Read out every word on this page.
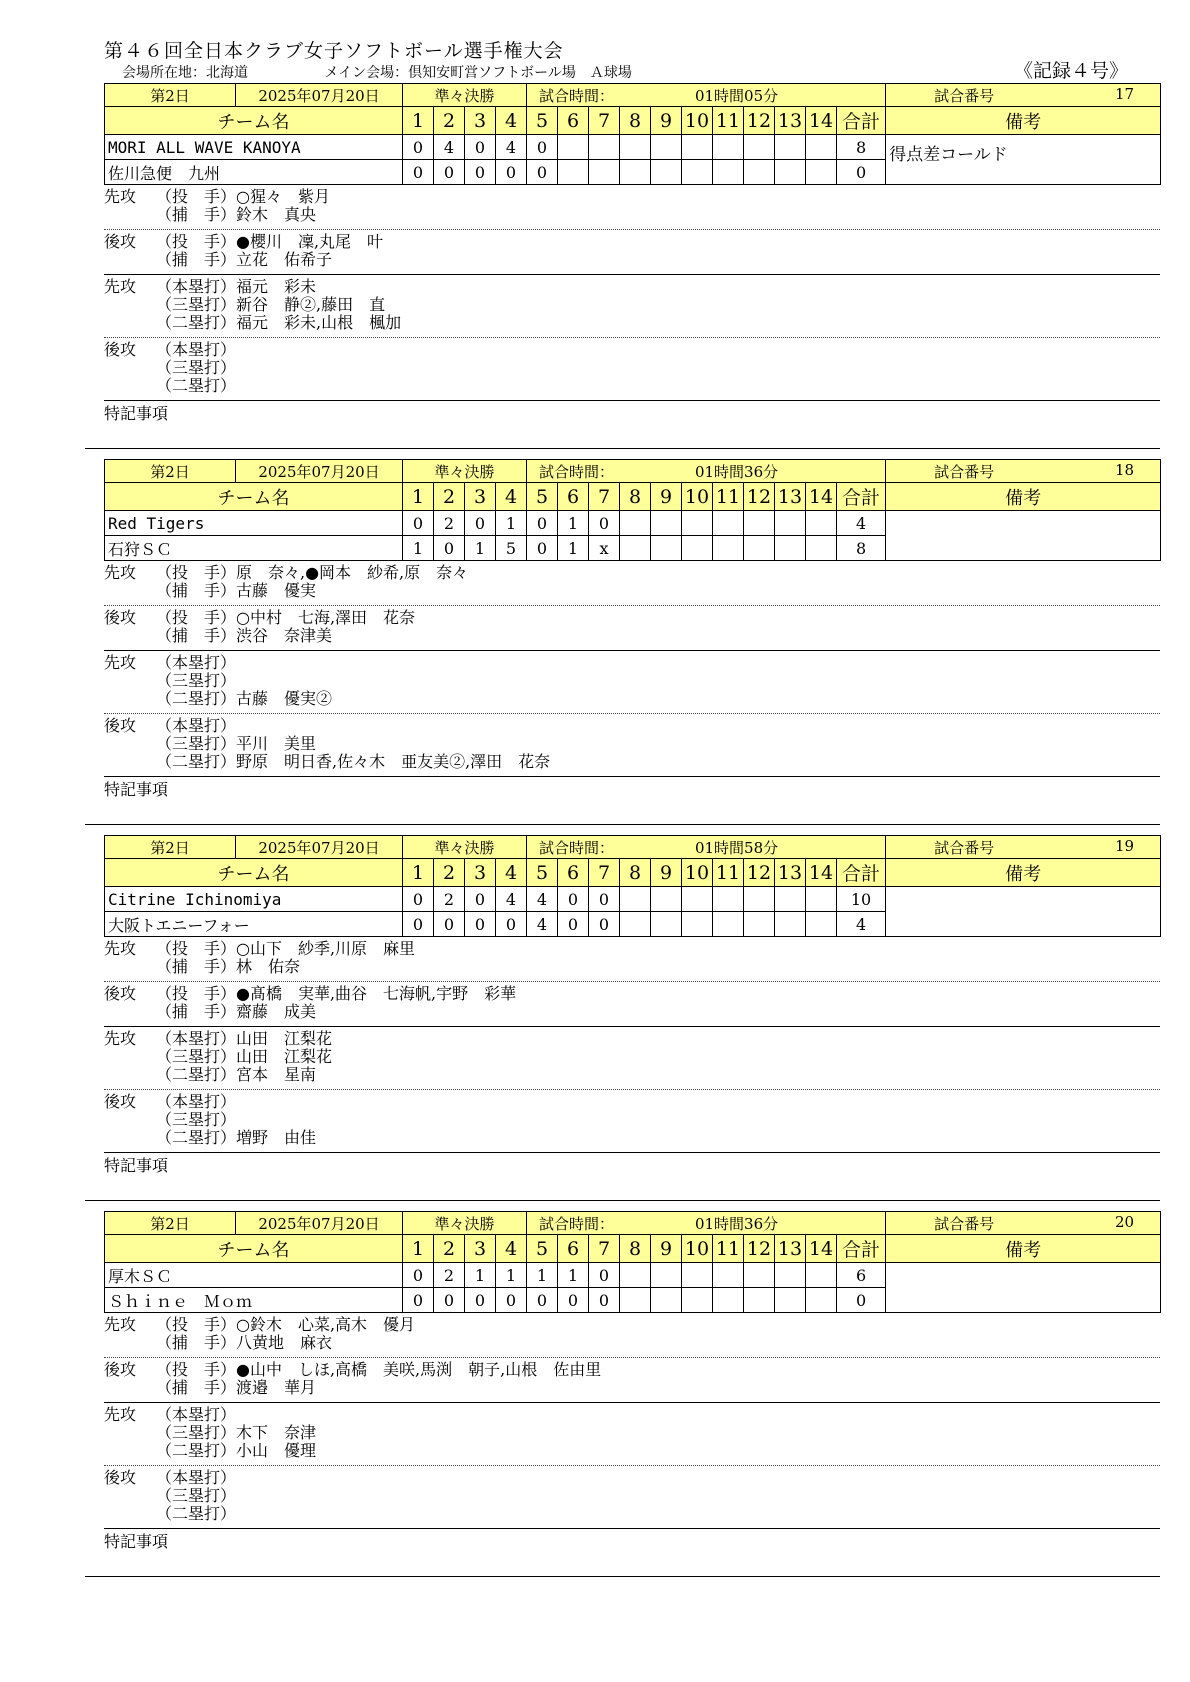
第４６回全日本クラブ女子ソフトボール選手権大会
会場所在地：北海道	メイン会場：倶知安町営ソフトボール場　Ａ球場	《記録４号》
第2日	2025年07月20日	準々決勝				試合時間： 01時間05分											試合番号 17

チーム名		1	2	3	4	5	6	7	8	9	10	11	12	13	14	合計	備考
MORI ALL WAVE KANOYA		0	4	0	4	0										8	得点差コールド
佐川急便　九州		0	0	0	0	0										0	
先攻	（投　手） ○猩々　紫月
（捕　手） 鈴木　真央
後攻	（投　手） ●櫻川　凜,丸尾　叶
（捕　手） 立花　佑希子
先攻	（本塁打） 福元　彩未
（三塁打） 新谷　静②,藤田　直
（二塁打） 福元　彩未,山根　楓加
後攻	（本塁打）
（三塁打）
（二塁打）
特記事項
第2日	2025年07月20日	準々決勝				試合時間： 01時間36分											試合番号 18

チーム名		1	2	3	4	5	6	7	8	9	10	11	12	13	14	合計	備考
Red Tigers		0	2	0	1	0	1	0								4	
石狩ＳＣ		1	0	1	5	0	1	x								8	
先攻	（投　手） 原　奈々,●岡本　紗希,原　奈々
（捕　手） 古藤　優実
後攻	（投　手） ○中村　七海,澤田　花奈
（捕　手） 渋谷　奈津美
先攻	（本塁打）
（三塁打）
（二塁打） 古藤　優実②
後攻	（本塁打）
（三塁打） 平川　美里
（二塁打） 野原　明日香,佐々木　亜友美②,澤田　花奈
特記事項
第2日	2025年07月20日	準々決勝				試合時間： 01時間58分											試合番号 19

チーム名		1	2	3	4	5	6	7	8	9	10	11	12	13	14	合計	備考
Citrine Ichinomiya		0	2	0	4	4	0	0								10	
大阪トエニーフォー		0	0	0	0	4	0	0								4	
先攻	（投　手） ○山下　紗季,川原　麻里
（捕　手） 林　佑奈
後攻	（投　手） ●髙橋　実華,曲谷　七海帆,宇野　彩華
（捕　手） 齋藤　成美
先攻	（本塁打） 山田　江梨花
（三塁打） 山田　江梨花
（二塁打） 宮本　星南
後攻	（本塁打）
（三塁打）
（二塁打） 増野　由佳
特記事項
第2日	2025年07月20日	準々決勝				試合時間： 01時間36分											試合番号 20

チーム名		1	2	3	4	5	6	7	8	9	10	11	12	13	14	合計	備考
厚木ＳＣ		0	2	1	1	1	1	0								6	
Ｓｈｉｎｅ　Ｍｏｍ		0	0	0	0	0	0	0								0	
先攻	（投　手） ○鈴木　心菜,高木　優月
（捕　手） 八黄地　麻衣
後攻	（投　手） ●山中　しほ,高橋　美咲,馬渕　朝子,山根　佐由里
（捕　手） 渡邉　華月
先攻	（本塁打）
（三塁打） 木下　奈津
（二塁打） 小山　優理
後攻	（本塁打）
（三塁打）
（二塁打）
特記事項
